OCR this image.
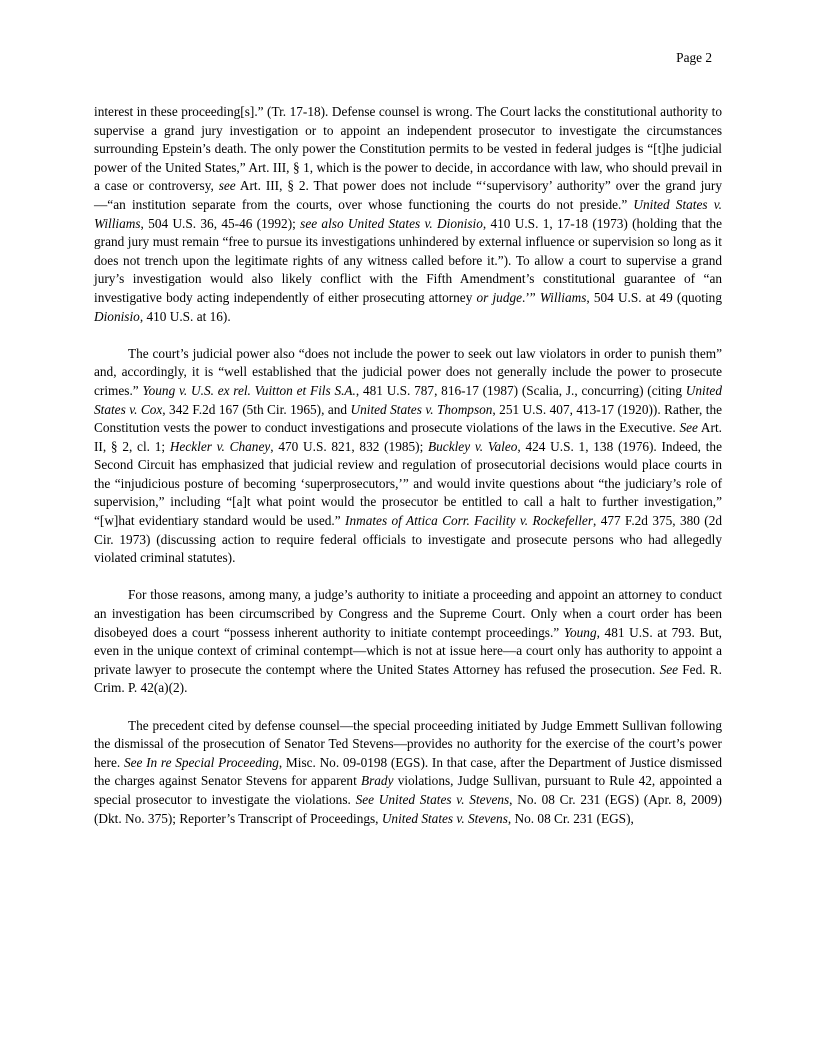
Page 2

interest in these proceeding[s].” (Tr. 17-18). Defense counsel is wrong. The Court lacks the constitutional authority to supervise a grand jury investigation or to appoint an independent prosecutor to investigate the circumstances surrounding Epstein’s death. The only power the Constitution permits to be vested in federal judges is “[t]he judicial power of the United States,” Art. III, § 1, which is the power to decide, in accordance with law, who should prevail in a case or controversy, see Art. III, § 2. That power does not include “‘supervisory’ authority” over the grand jury—“an institution separate from the courts, over whose functioning the courts do not preside.” United States v. Williams, 504 U.S. 36, 45-46 (1992); see also United States v. Dionisio, 410 U.S. 1, 17-18 (1973) (holding that the grand jury must remain “free to pursue its investigations unhindered by external influence or supervision so long as it does not trench upon the legitimate rights of any witness called before it.”). To allow a court to supervise a grand jury’s investigation would also likely conflict with the Fifth Amendment’s constitutional guarantee of “an investigative body acting independently of either prosecuting attorney or judge.’” Williams, 504 U.S. at 49 (quoting Dionisio, 410 U.S. at 16).

The court’s judicial power also “does not include the power to seek out law violators in order to punish them” and, accordingly, it is “well established that the judicial power does not generally include the power to prosecute crimes.” Young v. U.S. ex rel. Vuitton et Fils S.A., 481 U.S. 787, 816-17 (1987) (Scalia, J., concurring) (citing United States v. Cox, 342 F.2d 167 (5th Cir. 1965), and United States v. Thompson, 251 U.S. 407, 413-17 (1920)). Rather, the Constitution vests the power to conduct investigations and prosecute violations of the laws in the Executive. See Art. II, § 2, cl. 1; Heckler v. Chaney, 470 U.S. 821, 832 (1985); Buckley v. Valeo, 424 U.S. 1, 138 (1976). Indeed, the Second Circuit has emphasized that judicial review and regulation of prosecutorial decisions would place courts in the “injudicious posture of becoming ‘superprosecutors,’” and would invite questions about “the judiciary’s role of supervision,” including “[a]t what point would the prosecutor be entitled to call a halt to further investigation,” “[w]hat evidentiary standard would be used.” Inmates of Attica Corr. Facility v. Rockefeller, 477 F.2d 375, 380 (2d Cir. 1973) (discussing action to require federal officials to investigate and prosecute persons who had allegedly violated criminal statutes).

For those reasons, among many, a judge’s authority to initiate a proceeding and appoint an attorney to conduct an investigation has been circumscribed by Congress and the Supreme Court. Only when a court order has been disobeyed does a court “possess inherent authority to initiate contempt proceedings.” Young, 481 U.S. at 793. But, even in the unique context of criminal contempt—which is not at issue here—a court only has authority to appoint a private lawyer to prosecute the contempt where the United States Attorney has refused the prosecution. See Fed. R. Crim. P. 42(a)(2).

The precedent cited by defense counsel—the special proceeding initiated by Judge Emmett Sullivan following the dismissal of the prosecution of Senator Ted Stevens—provides no authority for the exercise of the court’s power here. See In re Special Proceeding, Misc. No. 09-0198 (EGS). In that case, after the Department of Justice dismissed the charges against Senator Stevens for apparent Brady violations, Judge Sullivan, pursuant to Rule 42, appointed a special prosecutor to investigate the violations. See United States v. Stevens, No. 08 Cr. 231 (EGS) (Apr. 8, 2009) (Dkt. No. 375); Reporter’s Transcript of Proceedings, United States v. Stevens, No. 08 Cr. 231 (EGS),
